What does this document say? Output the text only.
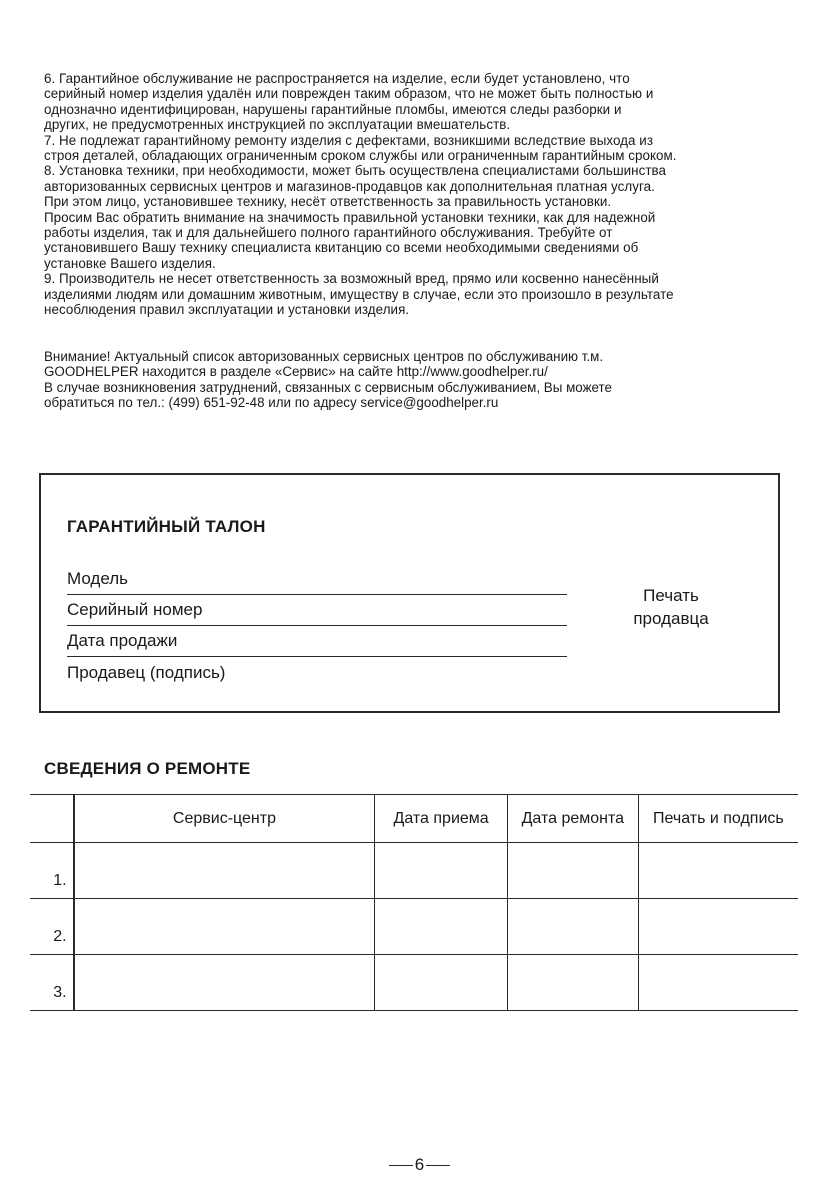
6. Гарантийное обслуживание не распространяется на изделие, если будет установлено, что

серийный номер изделия удалён или поврежден таким образом, что не может быть полностью и

однозначно идентифицирован, нарушены гарантийные пломбы, имеются следы разборки и

других, не предусмотренных инструкцией по эксплуатации вмешательств.

7. Не подлежат гарантийному ремонту изделия с дефектами, возникшими вследствие выхода из

строя деталей, обладающих ограниченным сроком службы или ограниченным гарантийным сроком.

8. Установка техники, при необходимости, может быть осуществлена специалистами большинства

авторизованных сервисных центров и магазинов-продавцов как дополнительная платная услуга.

При этом лицо, установившее технику, несёт ответственность за правильность установки.

Просим Вас обратить внимание на значимость правильной установки техники, как для надежной

работы изделия, так и для дальнейшего полного гарантийного обслуживания. Требуйте от

установившего Вашу технику специалиста квитанцию со всеми необходимыми сведениями об

установке Вашего изделия.

9. Производитель не несет ответственность за возможный вред, прямо или косвенно нанесённый

изделиями людям или домашним животным, имуществу в случае, если это произошло в результате

несоблюдения правил эксплуатации и установки изделия.

Внимание! Актуальный список авторизованных сервисных центров по обслуживанию т.м.

GOODHELPER находится в разделе «Сервис» на сайте http://www.goodhelper.ru/

В случае возникновения затруднений, связанных с сервисным обслуживанием, Вы можете

обратиться по тел.: (499) 651-92-48 или по адресу service@goodhelper.ru

ГАРАНТИЙНЫЙ ТАЛОН
Модель
Серийный номер
Дата продажи
Продавец (подпись)
Печать
продавца
СВЕДЕНИЯ О РЕМОНТЕ
	Сервис-центр	Дата приема	Дата ремонта	Печать и подпись
1.				
2.				
3.				
6
